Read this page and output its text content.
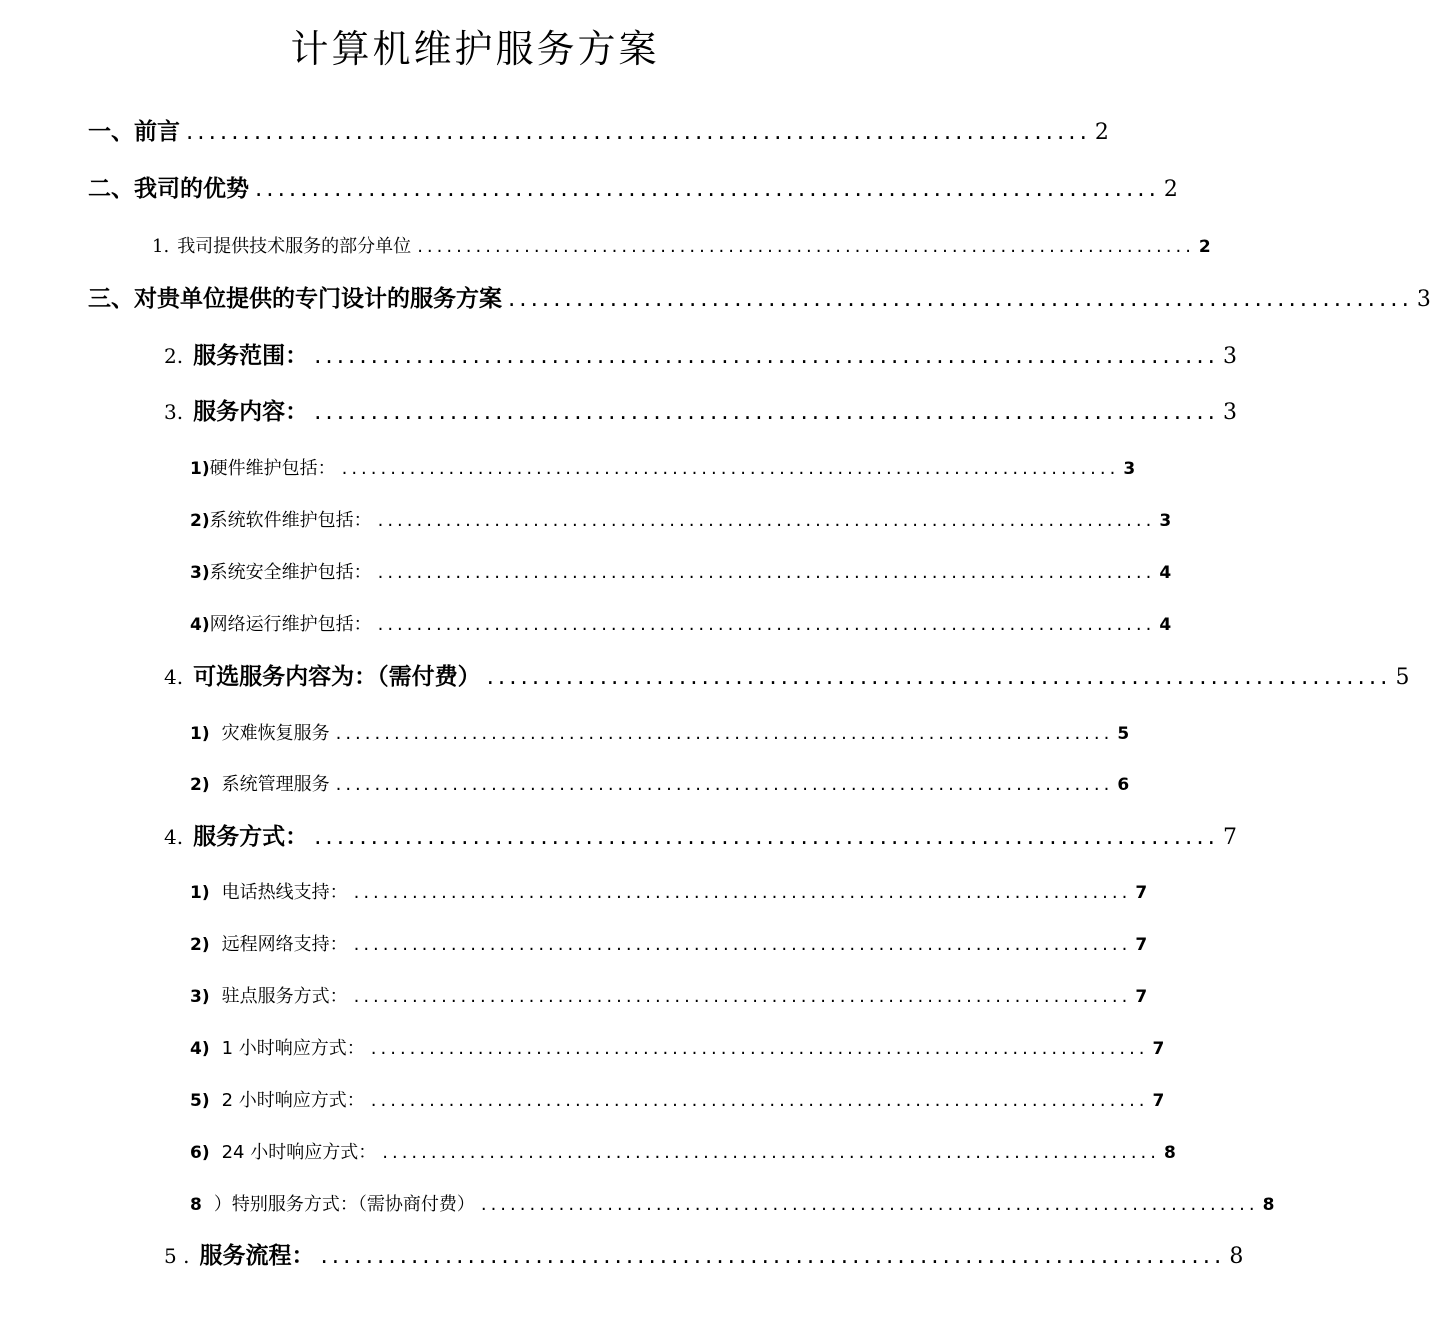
计算机维护服务方案
一、前言 ................................................................................ 2
二、我司的优势 ................................................................................ 2
1. 我司提供技术服务的部分单位 ................................................................................ 2
三、对贵单位提供的专门设计的服务方案 ................................................................................ 3
2. 服务范围： ................................................................................ 3
3. 服务内容： ................................................................................ 3
1) 硬件维护包括： ................................................................................ 3
2) 系统软件维护包括： ................................................................................ 3
3) 系统安全维护包括： ................................................................................ 4
4) 网络运行维护包括： ................................................................................ 4
4. 可选服务内容为：（需付费） ................................................................................ 5
1) 灾难恢复服务 ................................................................................ 5
2) 系统管理服务 ................................................................................ 6
4. 服务方式： ................................................................................ 7
1) 电话热线支持： ................................................................................ 7
2) 远程网络支持： ................................................................................ 7
3) 驻点服务方式： ................................................................................ 7
4) 1 小时响应方式： ................................................................................ 7
5) 2 小时响应方式： ................................................................................ 7
6) 24 小时响应方式： ................................................................................ 8
8 ）特别服务方式：（需协商付费） ................................................................................ 8
5 . 服务流程： ................................................................................ 8
